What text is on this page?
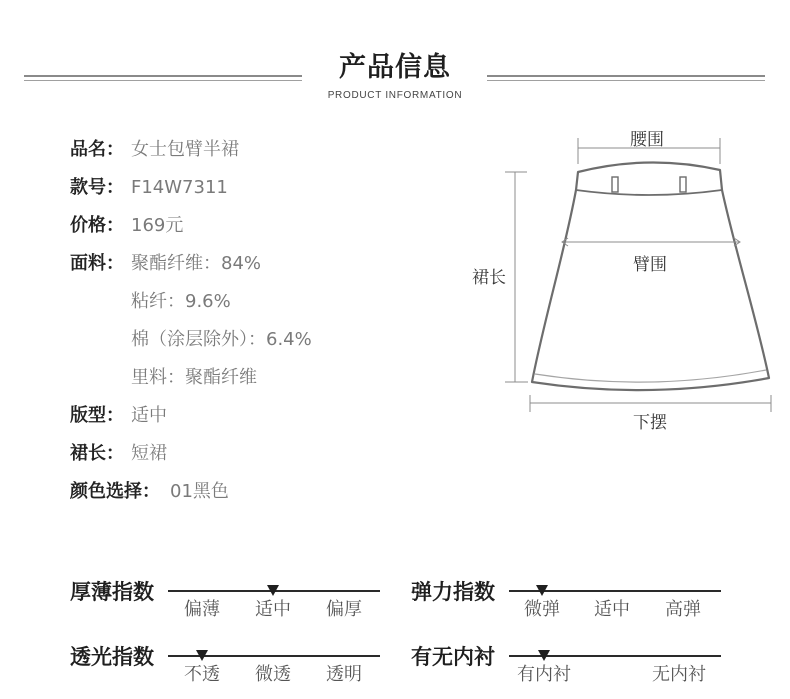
产品信息
PRODUCT INFORMATION
品名： 女士包臂半裙
款号： F14W7311
价格： 169元
面料： 聚酯纤维：84%
粘纤：9.6%
棉（涂层除外）：6.4%
里料：聚酯纤维
版型： 适中
裙长： 短裙
颜色选择： 01黑色
腰围
臂围
裙长
下摆
厚薄指数
偏薄 适中 偏厚
弹力指数
微弹 适中 高弹
透光指数
不透 微透 透明
有无内衬
有内衬	无内衬
